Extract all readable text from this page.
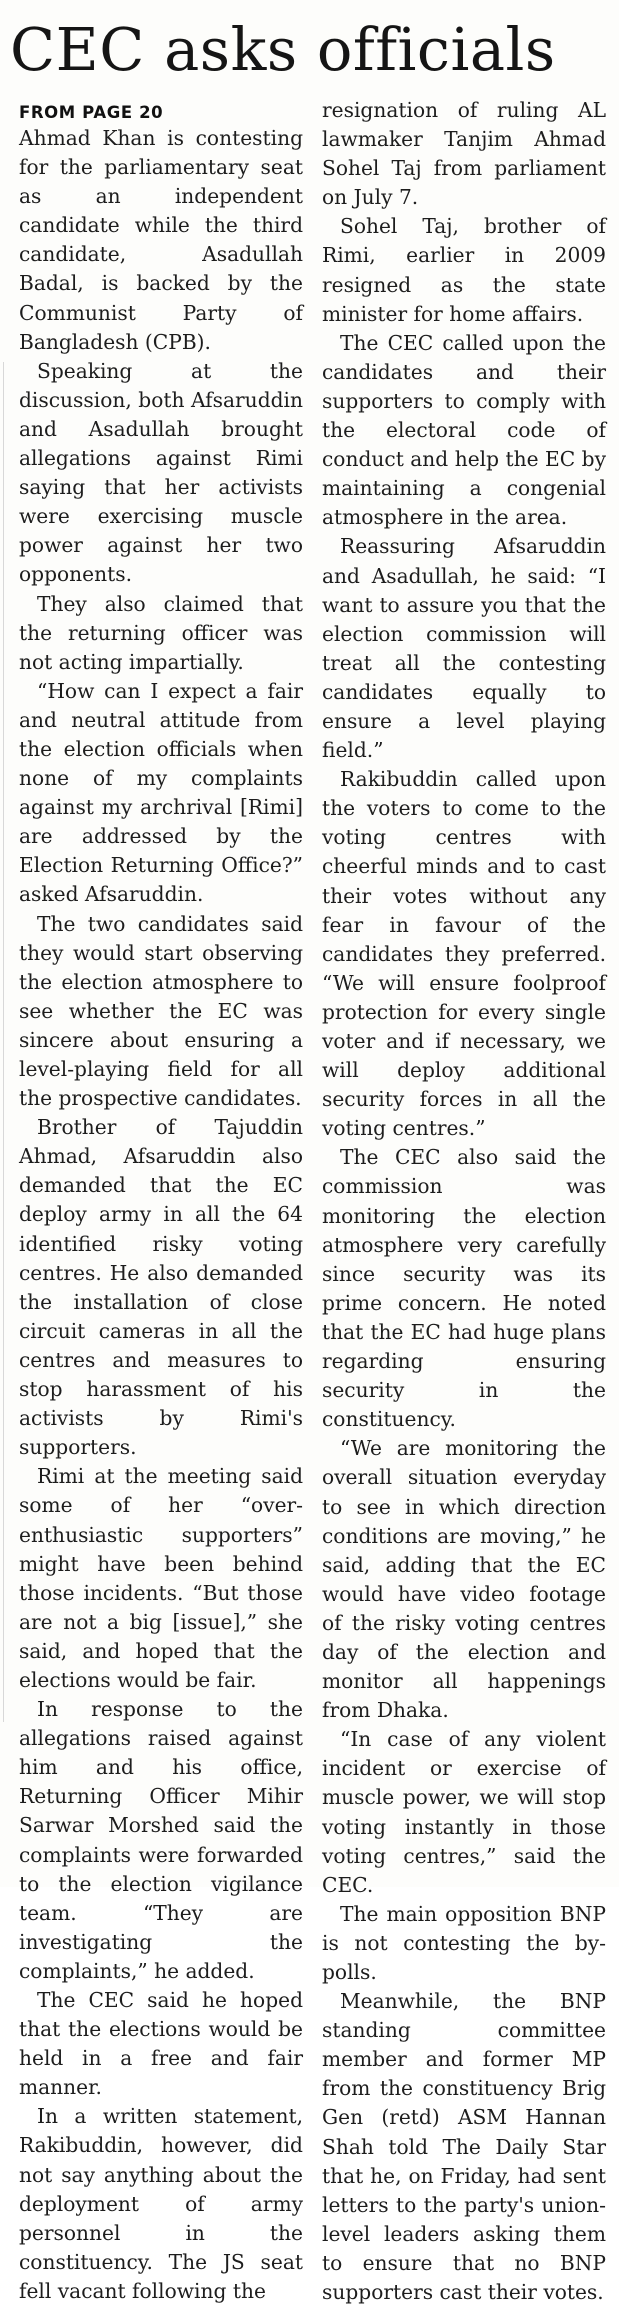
CEC asks officials
FROM PAGE 20

Ahmad Khan is contesting for the parliamentary seat as an independent candidate while the third candidate, Asadullah Badal, is backed by the Communist Party of Bangladesh (CPB).

Speaking at the discussion, both Afsaruddin and Asadullah brought allegations against Rimi saying that her activists were exercising muscle power against her two opponents.

They also claimed that the returning officer was not acting impartially.

“How can I expect a fair and neutral attitude from the election officials when none of my complaints against my archrival [Rimi] are addressed by the Election Returning Office?” asked Afsaruddin.

The two candidates said they would start observing the election atmosphere to see whether the EC was sincere about ensuring a level-playing field for all the prospective candidates.

Brother of Tajuddin Ahmad, Afsaruddin also demanded that the EC deploy army in all the 64 identified risky voting centres. He also demanded the installation of close circuit cameras in all the centres and measures to stop harassment of his activists by Rimi's supporters.

Rimi at the meeting said some of her “over-enthusiastic supporters” might have been behind those incidents. “But those are not a big [issue],” she said, and hoped that the elections would be fair.

In response to the allegations raised against him and his office, Returning Officer Mihir Sarwar Morshed said the complaints were forwarded to the election vigilance team. “They are investigating the complaints,” he added.

The CEC said he hoped that the elections would be held in a free and fair manner.

In a written statement, Rakibuddin, however, did not say anything about the deployment of army personnel in the constituency. The JS seat fell vacant following the

resignation of ruling AL lawmaker Tanjim Ahmad Sohel Taj from parliament on July 7.

Sohel Taj, brother of Rimi, earlier in 2009 resigned as the state minister for home affairs.

The CEC called upon the candidates and their supporters to comply with the electoral code of conduct and help the EC by maintaining a congenial atmosphere in the area.

Reassuring Afsaruddin and Asadullah, he said: “I want to assure you that the election commission will treat all the contesting candidates equally to ensure a level playing field.”

Rakibuddin called upon the voters to come to the voting centres with cheerful minds and to cast their votes without any fear in favour of the candidates they preferred. “We will ensure foolproof protection for every single voter and if necessary, we will deploy additional security forces in all the voting centres.”

The CEC also said the commission was monitoring the election atmosphere very carefully since security was its prime concern. He noted that the EC had huge plans regarding ensuring security in the constituency.

“We are monitoring the overall situation everyday to see in which direction conditions are moving,” he said, adding that the EC would have video footage of the risky voting centres day of the election and monitor all happenings from Dhaka.

“In case of any violent incident or exercise of muscle power, we will stop voting instantly in those voting centres,” said the CEC.

The main opposition BNP is not contesting the by-polls.

Meanwhile, the BNP standing committee member and former MP from the constituency Brig Gen (retd) ASM Hannan Shah told The Daily Star that he, on Friday, had sent letters to the party's union-level leaders asking them to ensure that no BNP supporters cast their votes.
